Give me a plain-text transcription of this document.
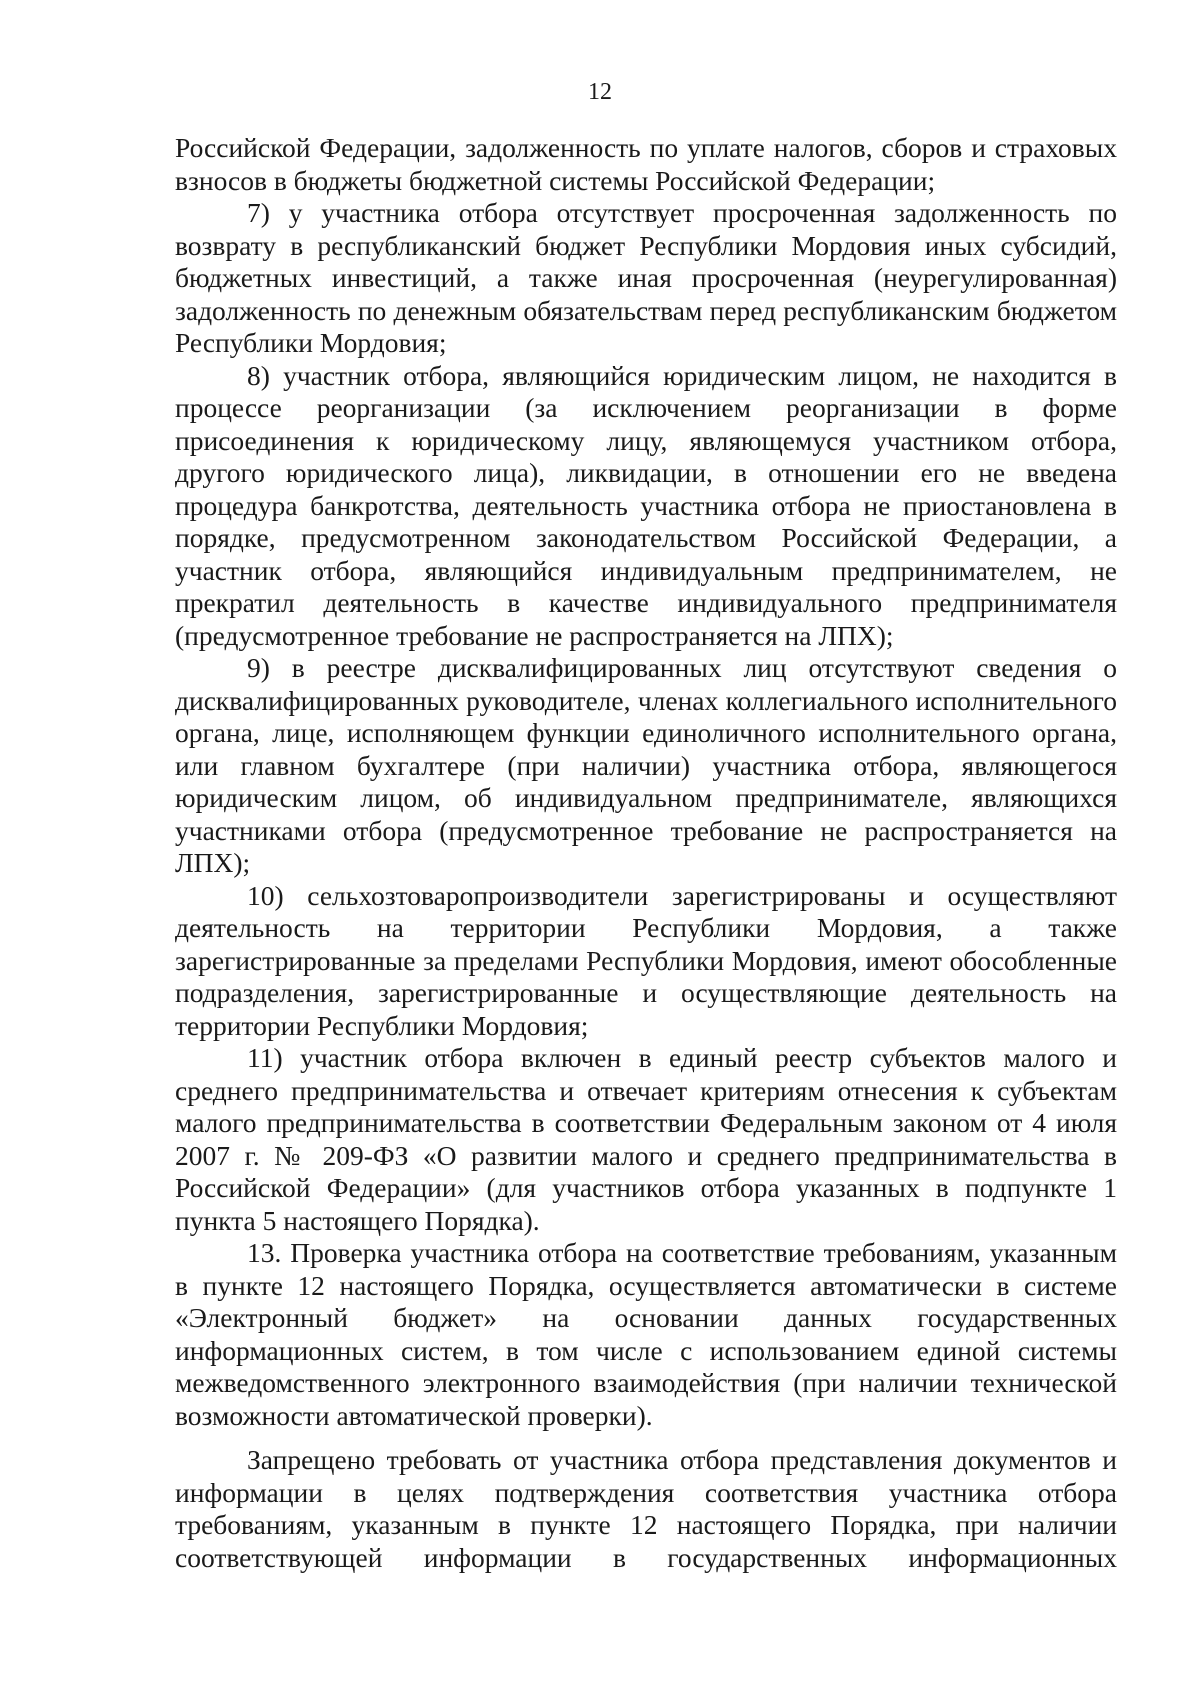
12

Российской Федерации, задолженность по уплате налогов, сборов и страховых взносов в бюджеты бюджетной системы Российской Федерации;

7) у участника отбора отсутствует просроченная задолженность по возврату в республиканский бюджет Республики Мордовия иных субсидий, бюджетных инвестиций, а также иная просроченная (неурегулированная) задолженность по денежным обязательствам перед республиканским бюджетом Республики Мордовия;

8) участник отбора, являющийся юридическим лицом, не находится в процессе реорганизации (за исключением реорганизации в форме присоединения к юридическому лицу, являющемуся участником отбора, другого юридического лица), ликвидации, в отношении его не введена процедура банкротства, деятельность участника отбора не приостановлена в порядке, предусмотренном законодательством Российской Федерации, а участник отбора, являющийся индивидуальным предпринимателем, не прекратил деятельность в качестве индивидуального предпринимателя (предусмотренное требование не распространяется на ЛПХ);

9) в реестре дисквалифицированных лиц отсутствуют сведения о дисквалифицированных руководителе, членах коллегиального исполнительного органа, лице, исполняющем функции единоличного исполнительного органа, или главном бухгалтере (при наличии) участника отбора, являющегося юридическим лицом, об индивидуальном предпринимателе, являющихся участниками отбора (предусмотренное требование не распространяется на ЛПХ);

10) сельхозтоваропроизводители зарегистрированы и осуществляют деятельность на территории Республики Мордовия, а также зарегистрированные за пределами Республики Мордовия, имеют обособленные подразделения, зарегистрированные и осуществляющие деятельность на территории Республики Мордовия;

11) участник отбора включен в единый реестр субъектов малого и среднего предпринимательства и отвечает критериям отнесения к субъектам малого предпринимательства в соответствии Федеральным законом от 4 июля 2007 г. № 209-ФЗ «О развитии малого и среднего предпринимательства в Российской Федерации» (для участников отбора указанных в подпункте 1 пункта 5 настоящего Порядка).

13. Проверка участника отбора на соответствие требованиям, указанным в пункте 12 настоящего Порядка, осуществляется автоматически в системе «Электронный бюджет» на основании данных государственных информационных систем, в том числе с использованием единой системы межведомственного электронного взаимодействия (при наличии технической возможности автоматической проверки).

Запрещено требовать от участника отбора представления документов и информации в целях подтверждения соответствия участника отбора требованиям, указанным в пункте 12 настоящего Порядка, при наличии соответствующей информации в государственных информационных
